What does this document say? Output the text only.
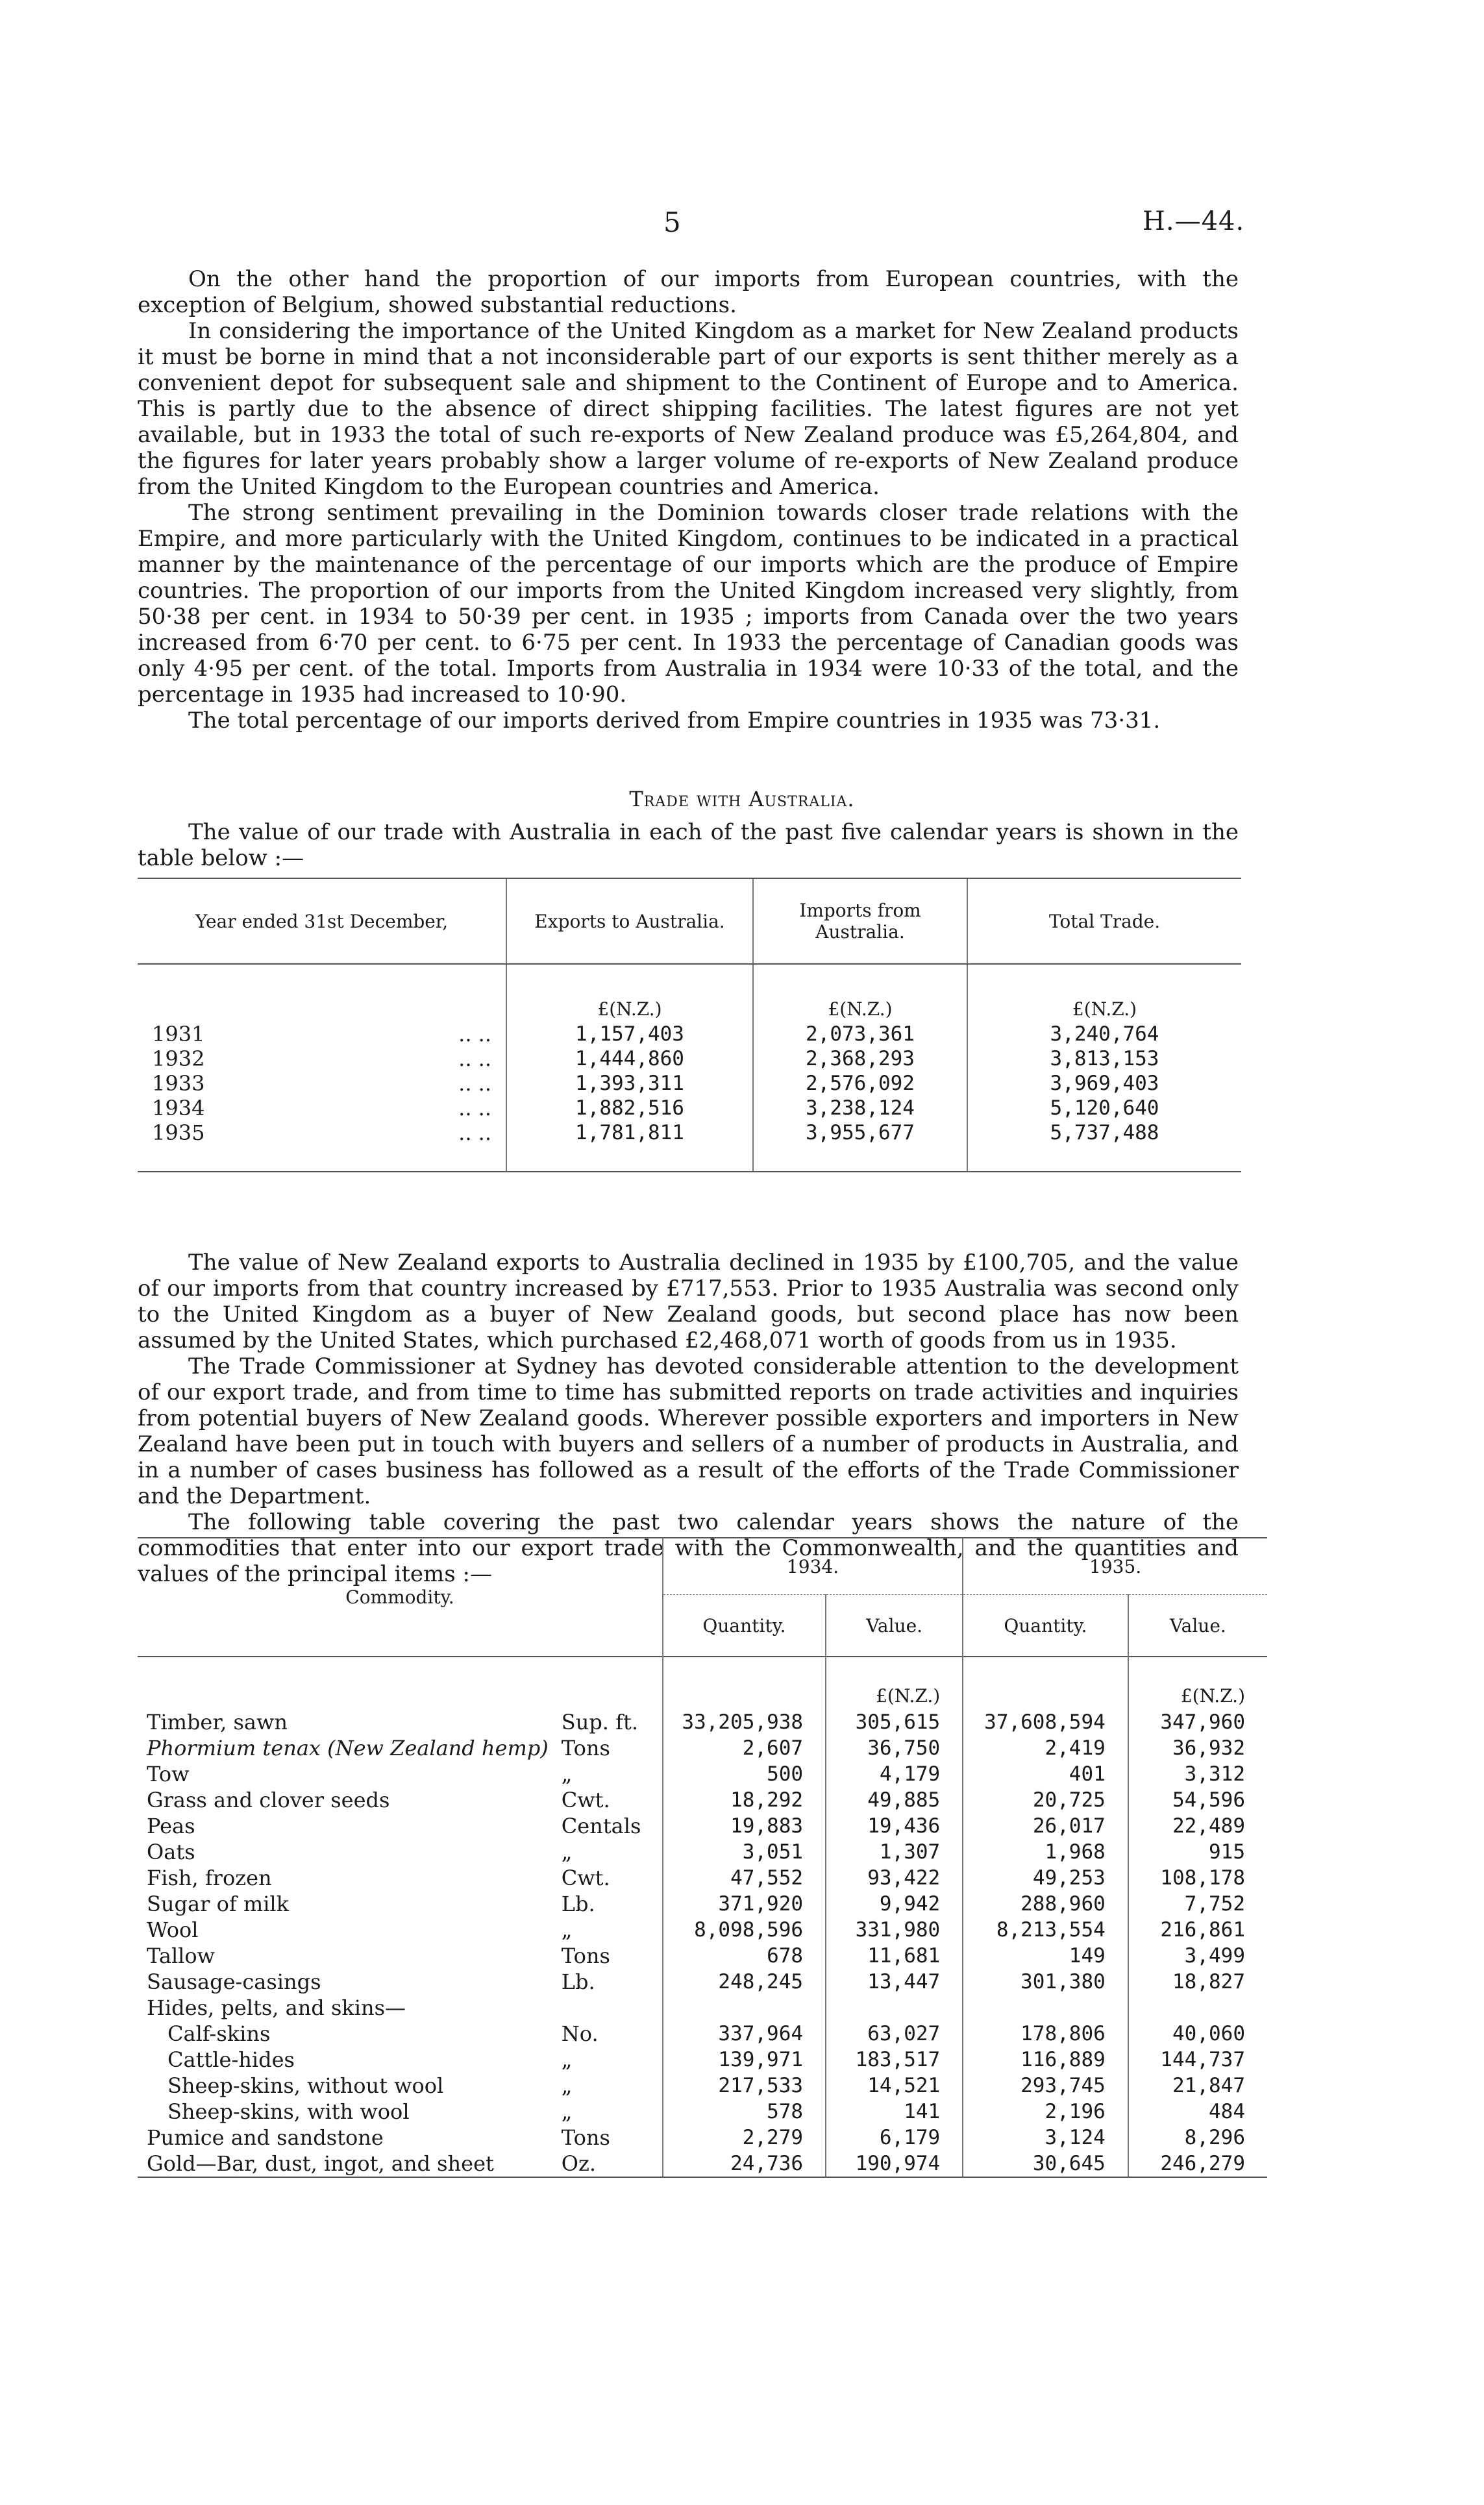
5	H.—44.

On the other hand the proportion of our imports from European countries, with the exception of Belgium, showed substantial reductions.

In considering the importance of the United Kingdom as a market for New Zealand products it must be borne in mind that a not inconsiderable part of our exports is sent thither merely as a convenient depot for subsequent sale and shipment to the Continent of Europe and to America. This is partly due to the absence of direct shipping facilities. The latest figures are not yet available, but in 1933 the total of such re-exports of New Zealand produce was £5,264,804, and the figures for later years probably show a larger volume of re-exports of New Zealand produce from the United Kingdom to the European countries and America.

The strong sentiment prevailing in the Dominion towards closer trade relations with the Empire, and more particularly with the United Kingdom, continues to be indicated in a practical manner by the maintenance of the percentage of our imports which are the produce of Empire countries. The proportion of our imports from the United Kingdom increased very slightly, from 50·38 per cent. in 1934 to 50·39 per cent. in 1935 ; imports from Canada over the two years increased from 6·70 per cent. to 6·75 per cent. In 1933 the percentage of Canadian goods was only 4·95 per cent. of the total. Imports from Australia in 1934 were 10·33 of the total, and the percentage in 1935 had increased to 10·90.

The total percentage of our imports derived from Empire countries in 1935 was 73·31.

Trade with Australia.

The value of our trade with Australia in each of the past five calendar years is shown in the table below :—

Year ended 31st December,	Exports to Australia.	Imports from Australia.	Total Trade.
	£(N.Z.)	£(N.Z.)	£(N.Z.)
1931 .. ..	1,157,403	2,073,361	3,240,764
1932 .. ..	1,444,860	2,368,293	3,813,153
1933 .. ..	1,393,311	2,576,092	3,969,403
1934 .. ..	1,882,516	3,238,124	5,120,640
1935 .. ..	1,781,811	3,955,677	5,737,488

The value of New Zealand exports to Australia declined in 1935 by £100,705, and the value of our imports from that country increased by £717,553. Prior to 1935 Australia was second only to the United Kingdom as a buyer of New Zealand goods, but second place has now been assumed by the United States, which purchased £2,468,071 worth of goods from us in 1935.

The Trade Commissioner at Sydney has devoted considerable attention to the development of our export trade, and from time to time has submitted reports on trade activities and inquiries from potential buyers of New Zealand goods. Wherever possible exporters and importers in New Zealand have been put in touch with buyers and sellers of a number of products in Australia, and in a number of cases business has followed as a result of the efforts of the Trade Commissioner and the Department.

The following table covering the past two calendar years shows the nature of the commodities that enter into our export trade with the Commonwealth, and the quantities and values of the principal items :—

Commodity.		1934.		1935.	
		Quantity.	Value.	Quantity.	Value.
			£(N.Z.)		£(N.Z.)
Timber, sawn	Sup. ft.	33,205,938	305,615	37,608,594	347,960
Phormium tenax (New Zealand hemp)	Tons	2,607	36,750	2,419	36,932
Tow	„	500	4,179	401	3,312
Grass and clover seeds	Cwt.	18,292	49,885	20,725	54,596
Peas	Centals	19,883	19,436	26,017	22,489
Oats	„	3,051	1,307	1,968	915
Fish, frozen	Cwt.	47,552	93,422	49,253	108,178
Sugar of milk	Lb.	371,920	9,942	288,960	7,752
Wool	„	8,098,596	331,980	8,213,554	216,861
Tallow	Tons	678	11,681	149	3,499
Sausage-casings	Lb.	248,245	13,447	301,380	18,827
Hides, pelts, and skins—					
Calf-skins	No.	337,964	63,027	178,806	40,060
Cattle-hides	„	139,971	183,517	116,889	144,737
Sheep-skins, without wool	„	217,533	14,521	293,745	21,847
Sheep-skins, with wool	„	578	141	2,196	484
Pumice and sandstone	Tons	2,279	6,179	3,124	8,296
Gold—Bar, dust, ingot, and sheet	Oz.	24,736	190,974	30,645	246,279
